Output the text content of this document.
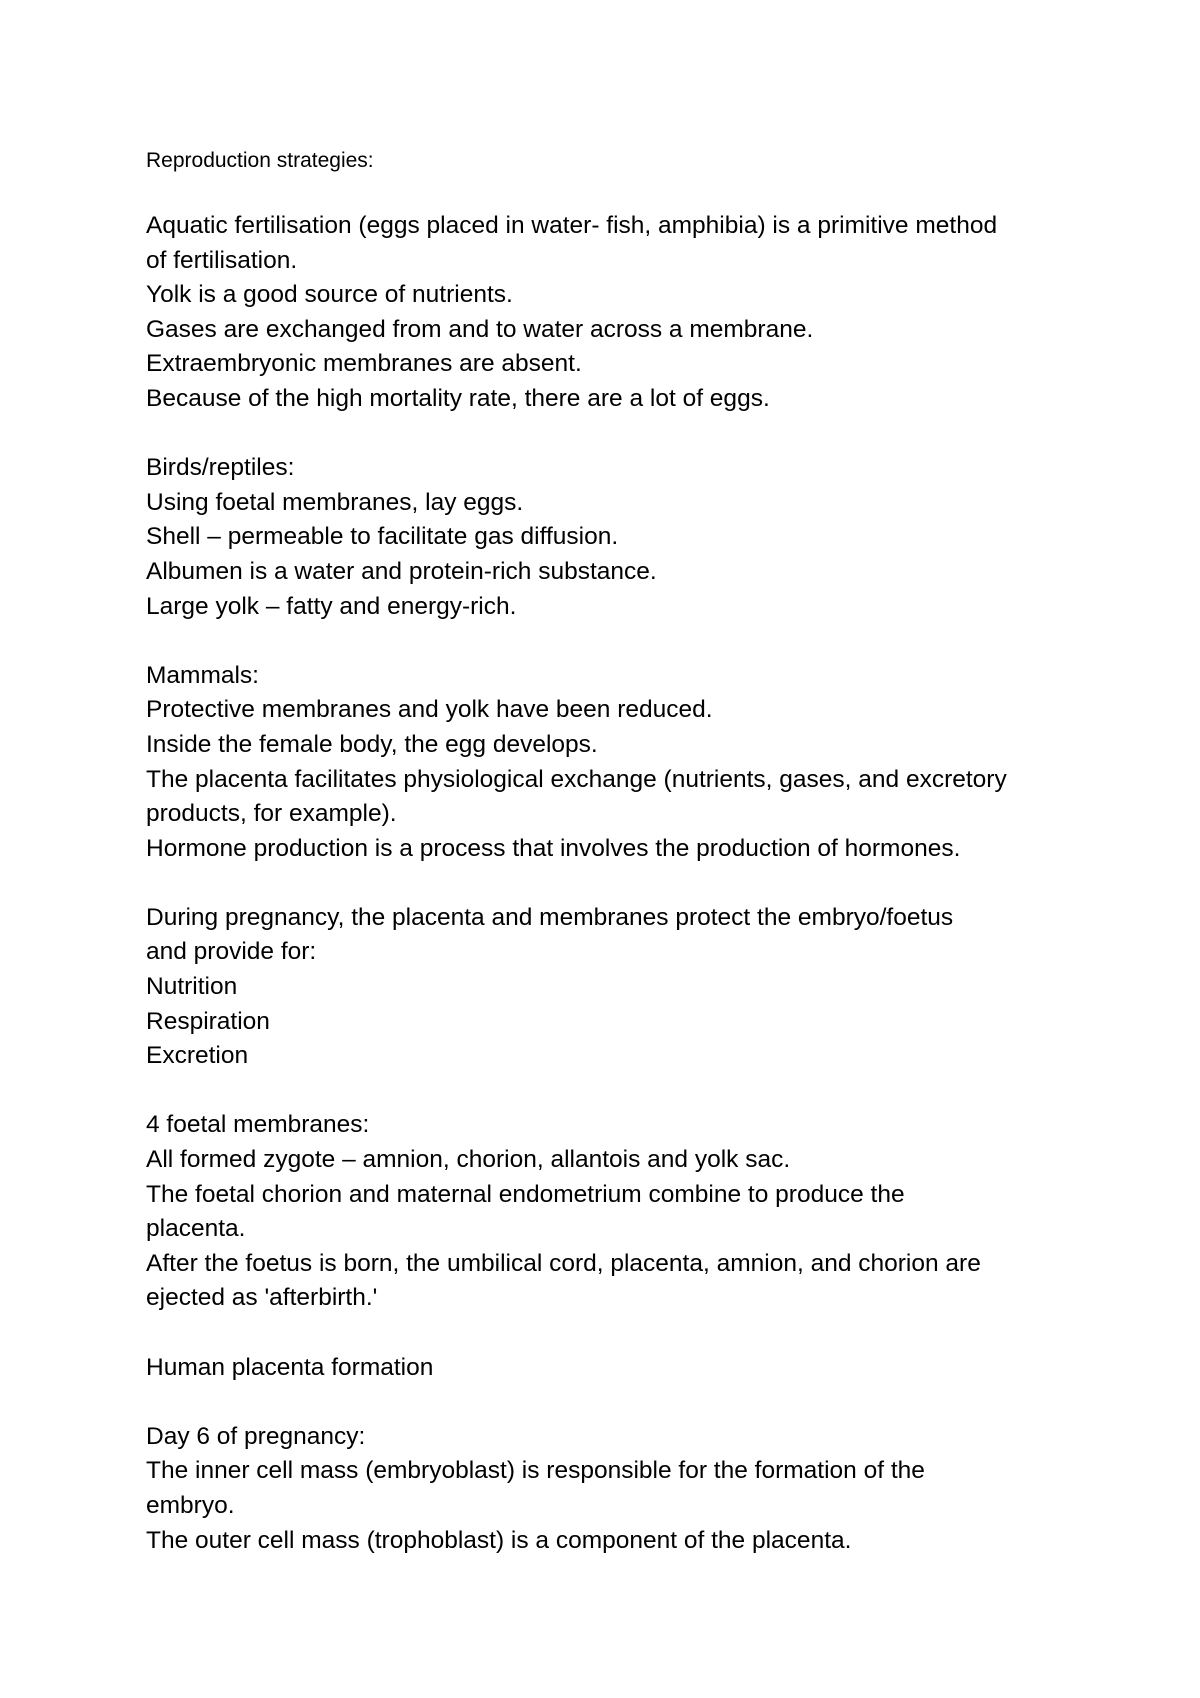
Reproduction strategies:
Aquatic fertilisation (eggs placed in water- fish, amphibia) is a primitive method
of fertilisation.
Yolk is a good source of nutrients.
Gases are exchanged from and to water across a membrane.
Extraembryonic membranes are absent.
Because of the high mortality rate, there are a lot of eggs.
Birds/reptiles:
Using foetal membranes, lay eggs.
Shell – permeable to facilitate gas diffusion.
Albumen is a water and protein-rich substance.
Large yolk – fatty and energy-rich.
Mammals:
Protective membranes and yolk have been reduced.
Inside the female body, the egg develops.
The placenta facilitates physiological exchange (nutrients, gases, and excretory
products, for example).
Hormone production is a process that involves the production of hormones.
During pregnancy, the placenta and membranes protect the embryo/foetus
and provide for:
Nutrition
Respiration
Excretion
4 foetal membranes:
All formed zygote – amnion, chorion, allantois and yolk sac.
The foetal chorion and maternal endometrium combine to produce the
placenta.
After the foetus is born, the umbilical cord, placenta, amnion, and chorion are
ejected as 'afterbirth.'
Human placenta formation
Day 6 of pregnancy:
The inner cell mass (embryoblast) is responsible for the formation of the
embryo.
The outer cell mass (trophoblast) is a component of the placenta.
